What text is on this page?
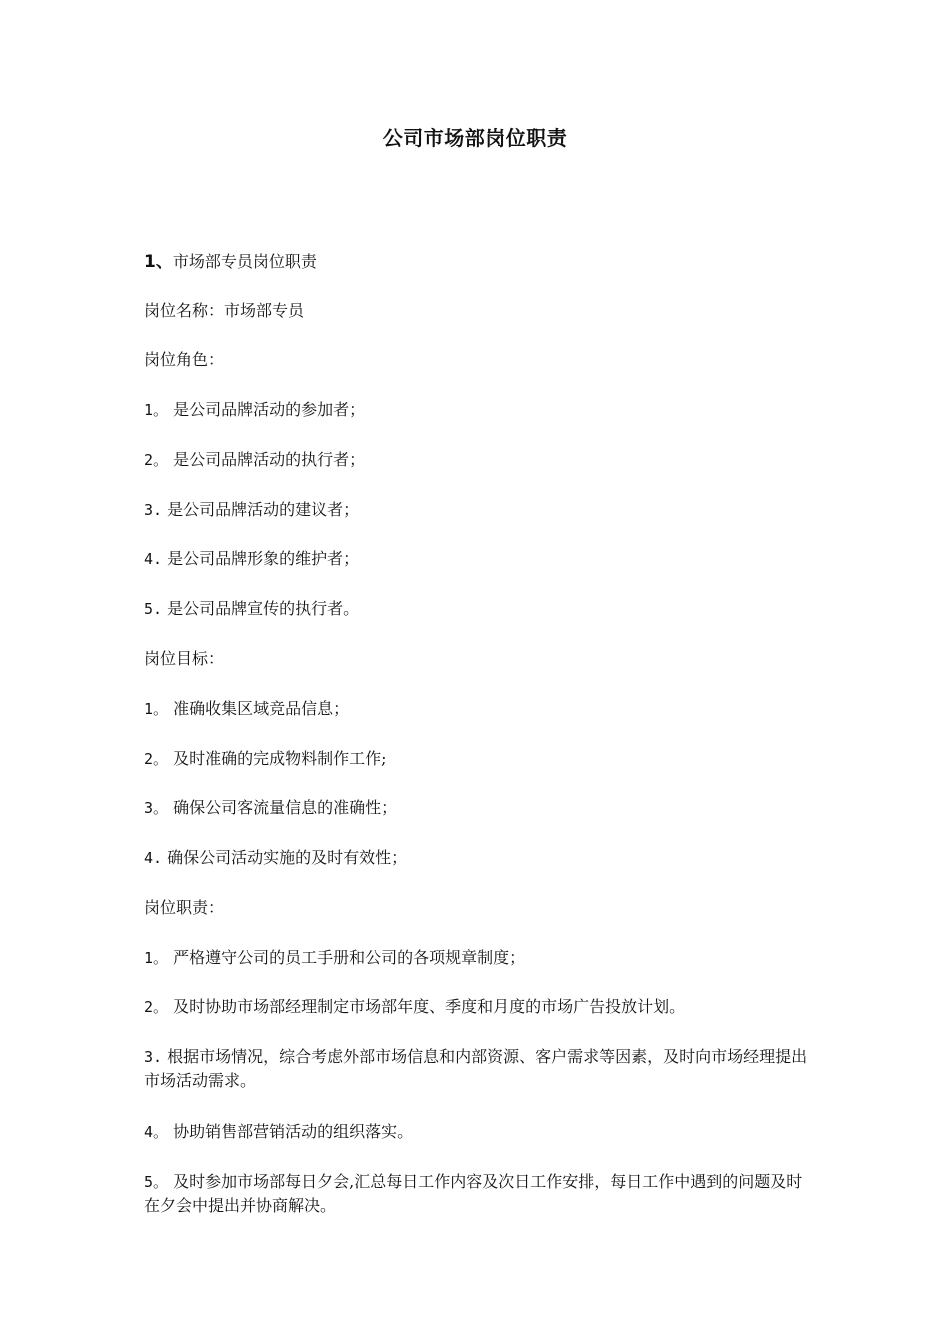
公司市场部岗位职责
1、市场部专员岗位职责
岗位名称：市场部专员
岗位角色：
1。 是公司品牌活动的参加者；
2。 是公司品牌活动的执行者；
3. 是公司品牌活动的建议者；
4. 是公司品牌形象的维护者；
5. 是公司品牌宣传的执行者。
岗位目标：
1。 准确收集区域竞品信息；
2。 及时准确的完成物料制作工作;
3。 确保公司客流量信息的准确性；
4. 确保公司活动实施的及时有效性；
岗位职责：
1。 严格遵守公司的员工手册和公司的各项规章制度；
2。 及时协助市场部经理制定市场部年度、季度和月度的市场广告投放计划。
3. 根据市场情况，综合考虑外部市场信息和内部资源、客户需求等因素，及时向市场经理提出市场活动需求。
4。 协助销售部营销活动的组织落实。
5。 及时参加市场部每日夕会,汇总每日工作内容及次日工作安排，每日工作中遇到的问题及时在夕会中提出并协商解决。
